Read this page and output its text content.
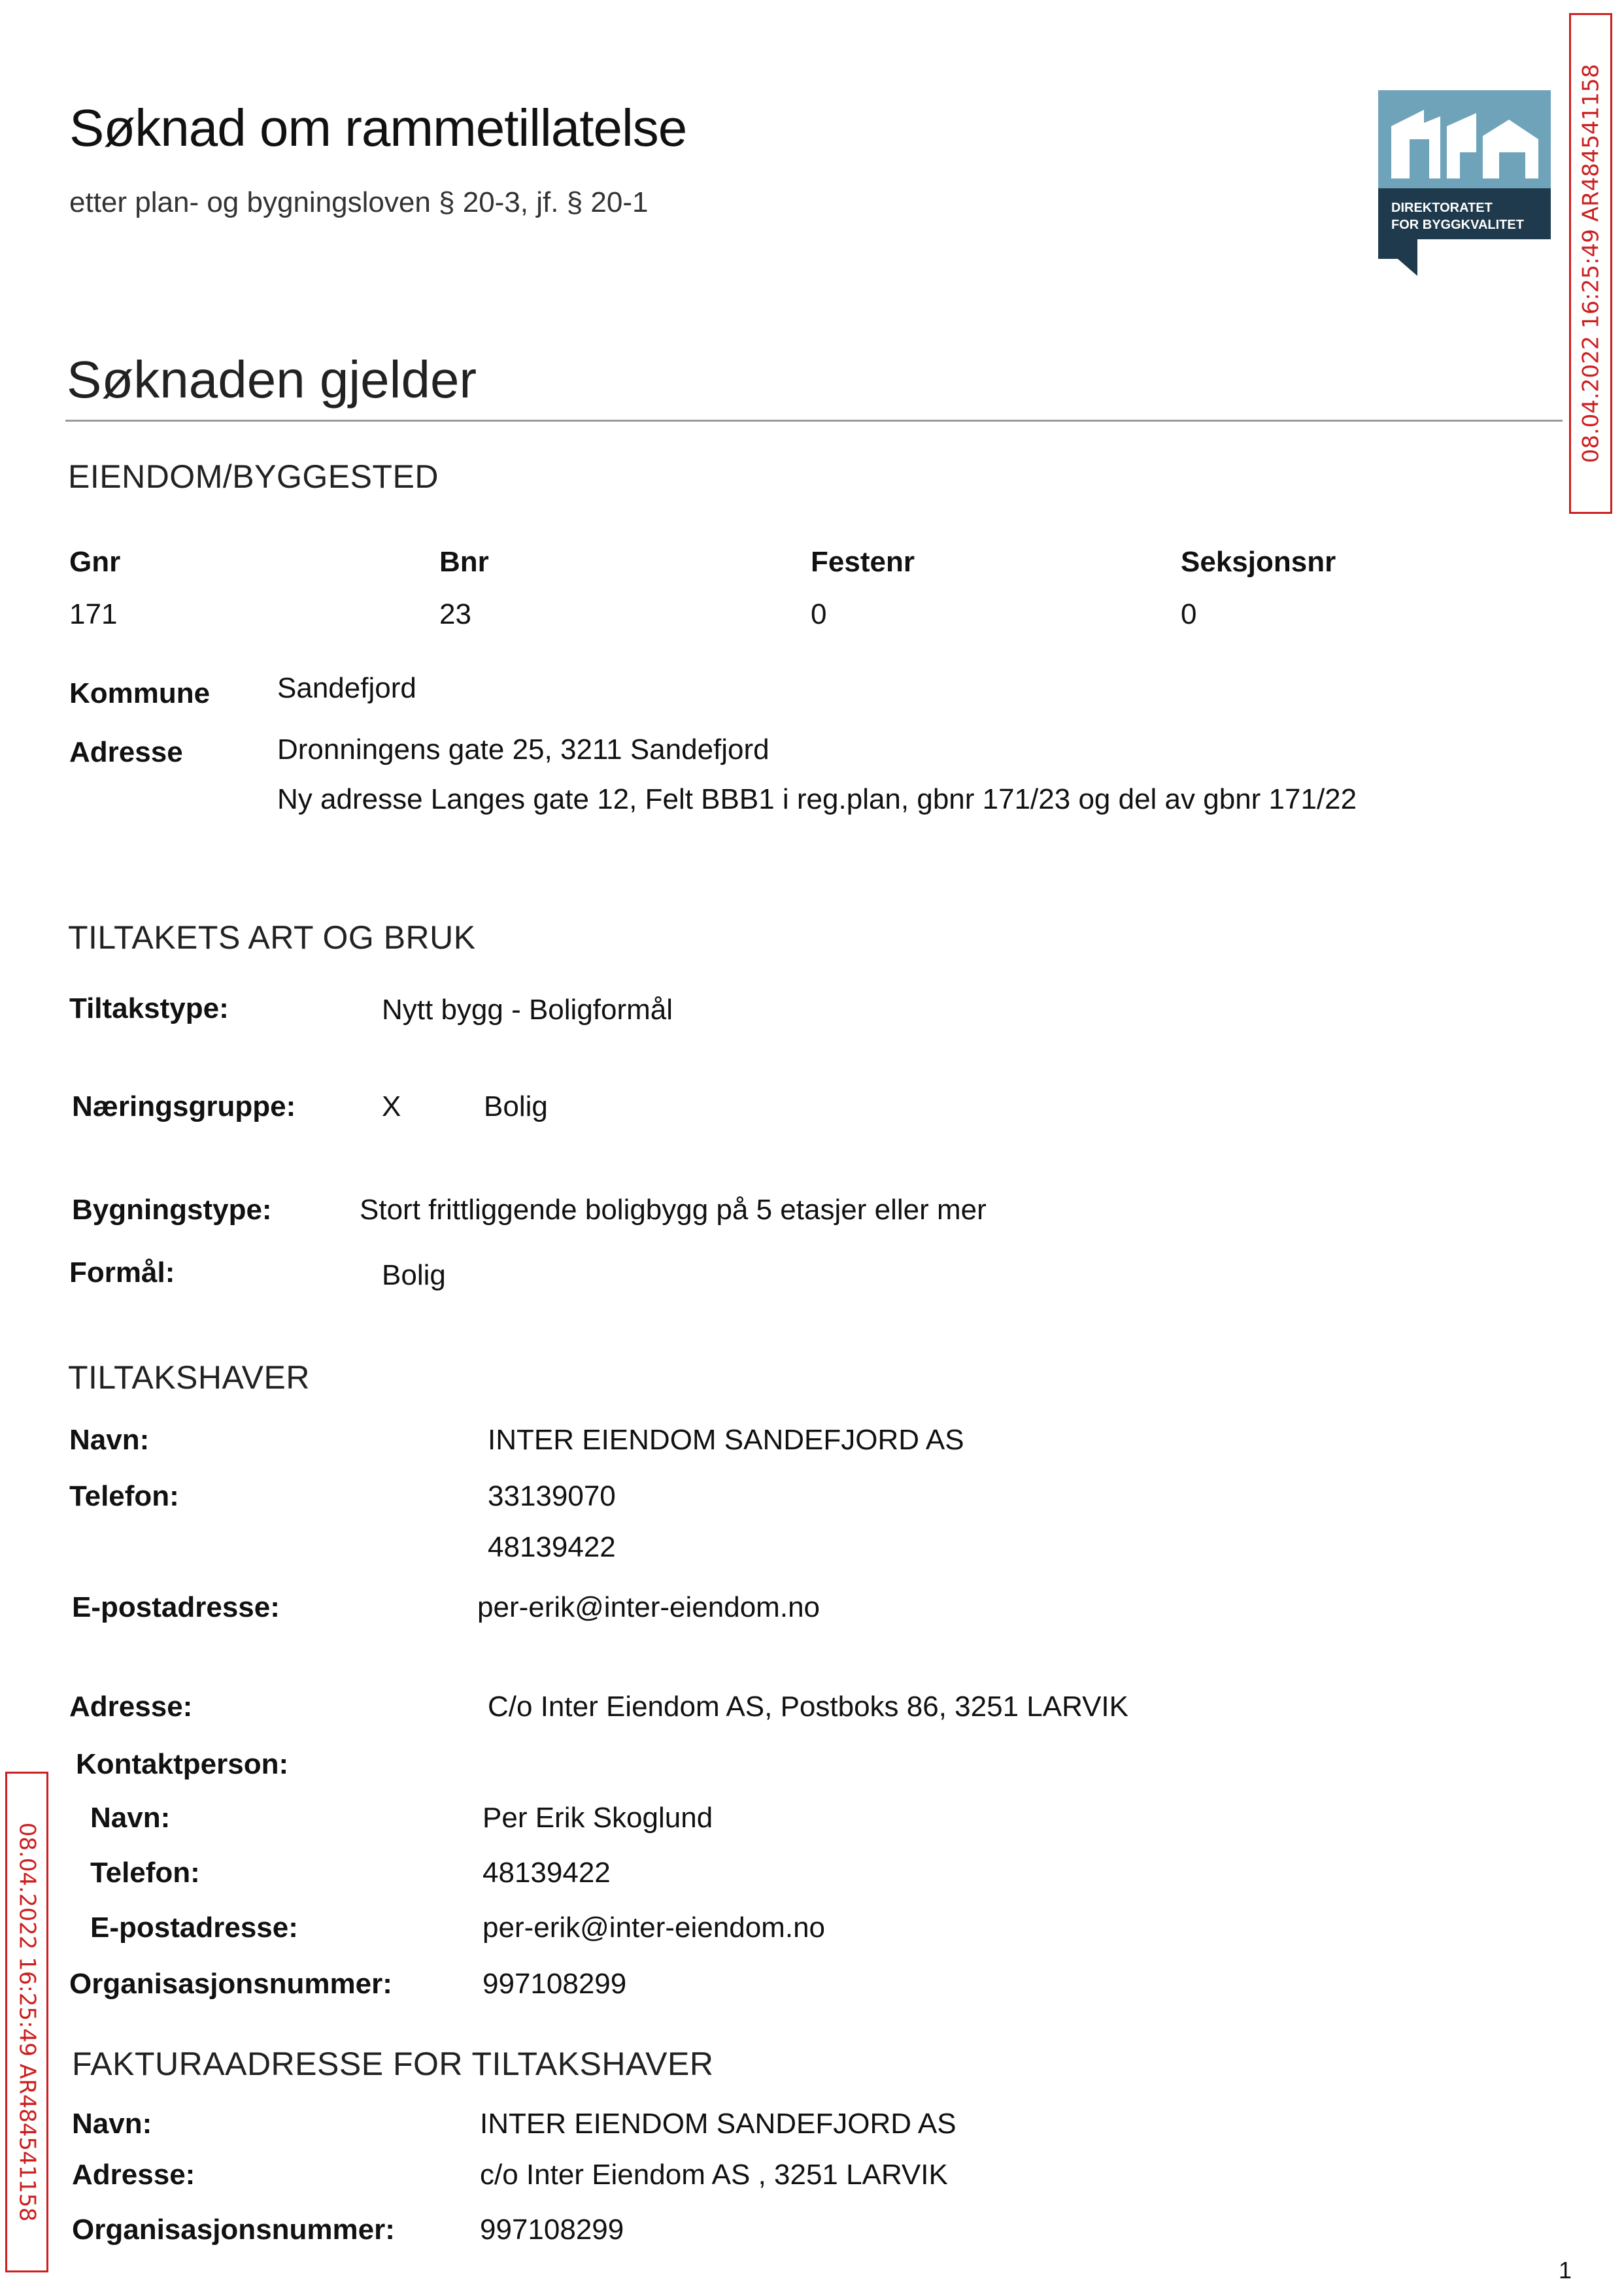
Søknad om rammetillatelse
etter plan- og bygningsloven § 20-3, jf. § 20-1	DIREKTORATET
FOR BYGGKVALITET 08.04.2022 16:25:49 AR484541158
08.04.2022 16:25:49 AR484541158
Søknaden gjelder
EIENDOM/BYGGESTED
Gnr	Bnr	Festenr	Seksjonsnr
171	23	0	0
Kommune Sandefjord
Adresse	Dronningens gate 25, 3211 Sandefjord
Ny adresse Langes gate 12, Felt BBB1 i reg.plan, gbnr 171/23 og del av gbnr 171/22
TILTAKETS ART OG BRUK
Tiltakstype:	Nytt bygg - Boligformål
Næringsgruppe:	X	Bolig
Bygningstype:	Stort frittliggende boligbygg på 5 etasjer eller mer
Formål:	Bolig
TILTAKSHAVER
Navn:	INTER EIENDOM SANDEFJORD AS
Telefon:	33139070
48139422
E-postadresse:	per-erik@inter-eiendom.no
Adresse:	C/o Inter Eiendom AS, Postboks 86, 3251 LARVIK
Kontaktperson:
Navn:	Per Erik Skoglund
Telefon:	48139422
E-postadresse:	per-erik@inter-eiendom.no
Organisasjonsnummer:	997108299
FAKTURAADRESSE FOR TILTAKSHAVER
Navn:	INTER EIENDOM SANDEFJORD AS
Adresse:	c/o Inter Eiendom AS , 3251 LARVIK
Organisasjonsnummer:	997108299
1
